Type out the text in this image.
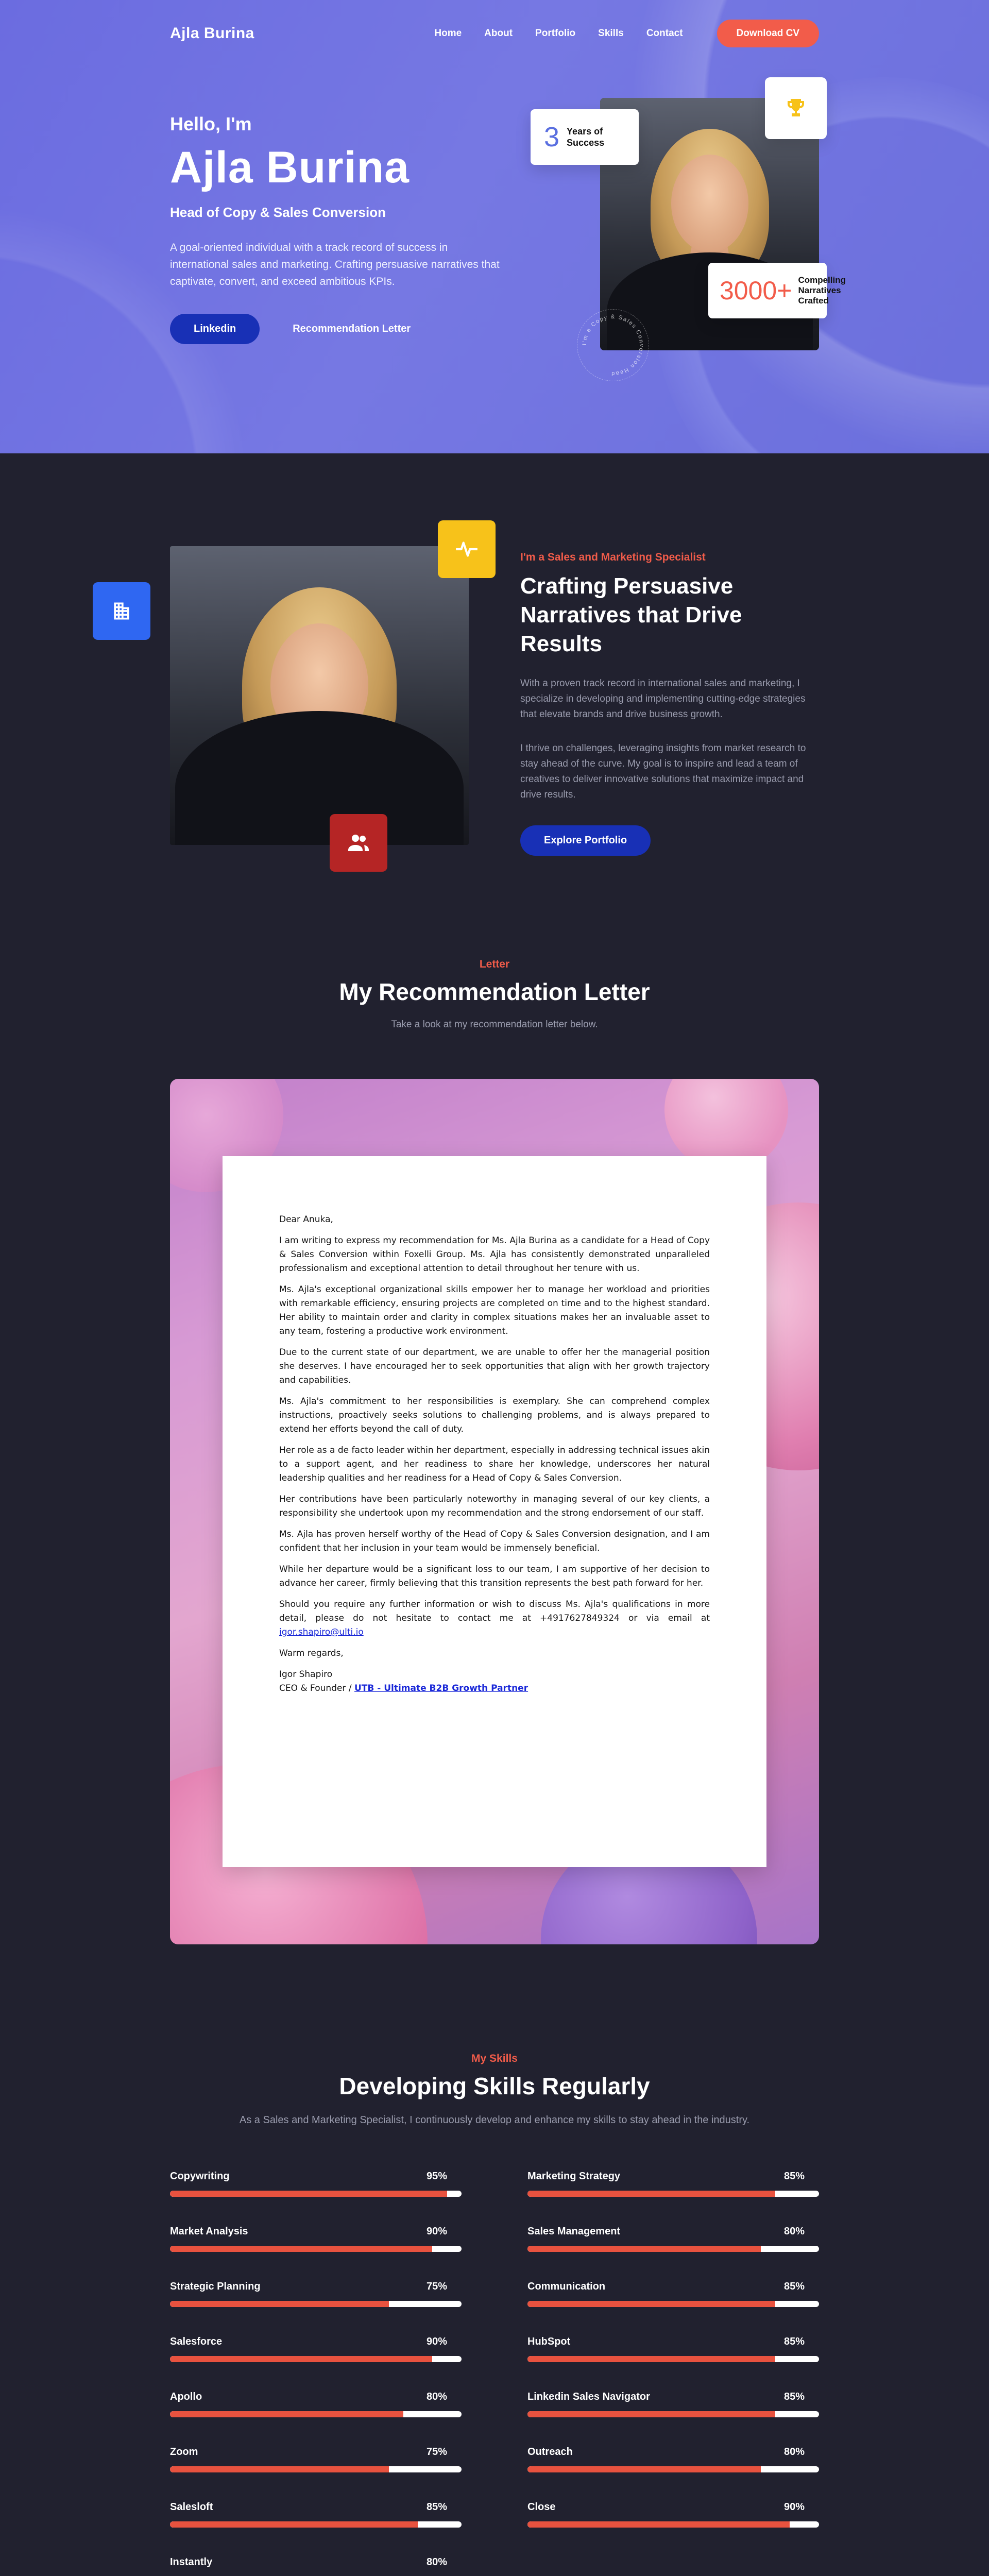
Ajla Burina	Home About Portfolio Skills Contact	Download CV
Hello, I'm
Ajla Burina
Head of Copy & Sales Conversion

A goal-oriented individual with a track record of success in international sales and marketing. Crafting persuasive narratives that captivate, convert, and exceed ambitious KPIs.

Linkedin	Recommendation Letter
3 Years of
Success
3000+ Compelling
Narratives
Crafted
I'm a Copy & Sales Conversion Head
I'm a Sales and Marketing Specialist
Crafting Persuasive Narratives that Drive Results

With a proven track record in international sales and marketing, I specialize in developing and implementing cutting-edge strategies that elevate brands and drive business growth.

I thrive on challenges, leveraging insights from market research to stay ahead of the curve. My goal is to inspire and lead a team of creatives to deliver innovative solutions that maximize impact and drive results.

Explore Portfolio
Letter
My Recommendation Letter

Take a look at my recommendation letter below.

Dear Anuka,

I am writing to express my recommendation for Ms. Ajla Burina as a candidate for a Head of Copy & Sales Conversion within Foxelli Group. Ms. Ajla has consistently demonstrated unparalleled professionalism and exceptional attention to detail throughout her tenure with us.

Ms. Ajla's exceptional organizational skills empower her to manage her workload and priorities with remarkable efficiency, ensuring projects are completed on time and to the highest standard. Her ability to maintain order and clarity in complex situations makes her an invaluable asset to any team, fostering a productive work environment.

Due to the current state of our department, we are unable to offer her the managerial position she deserves. I have encouraged her to seek opportunities that align with her growth trajectory and capabilities.

Ms. Ajla's commitment to her responsibilities is exemplary. She can comprehend complex instructions, proactively seeks solutions to challenging problems, and is always prepared to extend her efforts beyond the call of duty.

Her role as a de facto leader within her department, especially in addressing technical issues akin to a support agent, and her readiness to share her knowledge, underscores her natural leadership qualities and her readiness for a Head of Copy & Sales Conversion.

Her contributions have been particularly noteworthy in managing several of our key clients, a responsibility she undertook upon my recommendation and the strong endorsement of our staff.

Ms. Ajla has proven herself worthy of the Head of Copy & Sales Conversion designation, and I am confident that her inclusion in your team would be immensely beneficial.

While her departure would be a significant loss to our team, I am supportive of her decision to advance her career, firmly believing that this transition represents the best path forward for her.

Should you require any further information or wish to discuss Ms. Ajla's qualifications in more detail, please do not hesitate to contact me at +4917627849324 or via email at igor.shapiro@ulti.io

Warm regards,

Igor Shapiro

CEO & Founder / UTB - Ultimate B2B Growth Partner

My Skills
Developing Skills Regularly

As a Sales and Marketing Specialist, I continuously develop and enhance my skills to stay ahead in the industry.

Copywriting	95%	Marketing Strategy	85%
Market Analysis	90%	Sales Management	80%
Strategic Planning	75%	Communication	85%
Salesforce	90%	HubSpot	85%
Apollo	80%	Linkedin Sales Navigator	85%
Zoom	75%	Outreach	80%
Salesloft	85%	Close	90%
Instantly	80%
